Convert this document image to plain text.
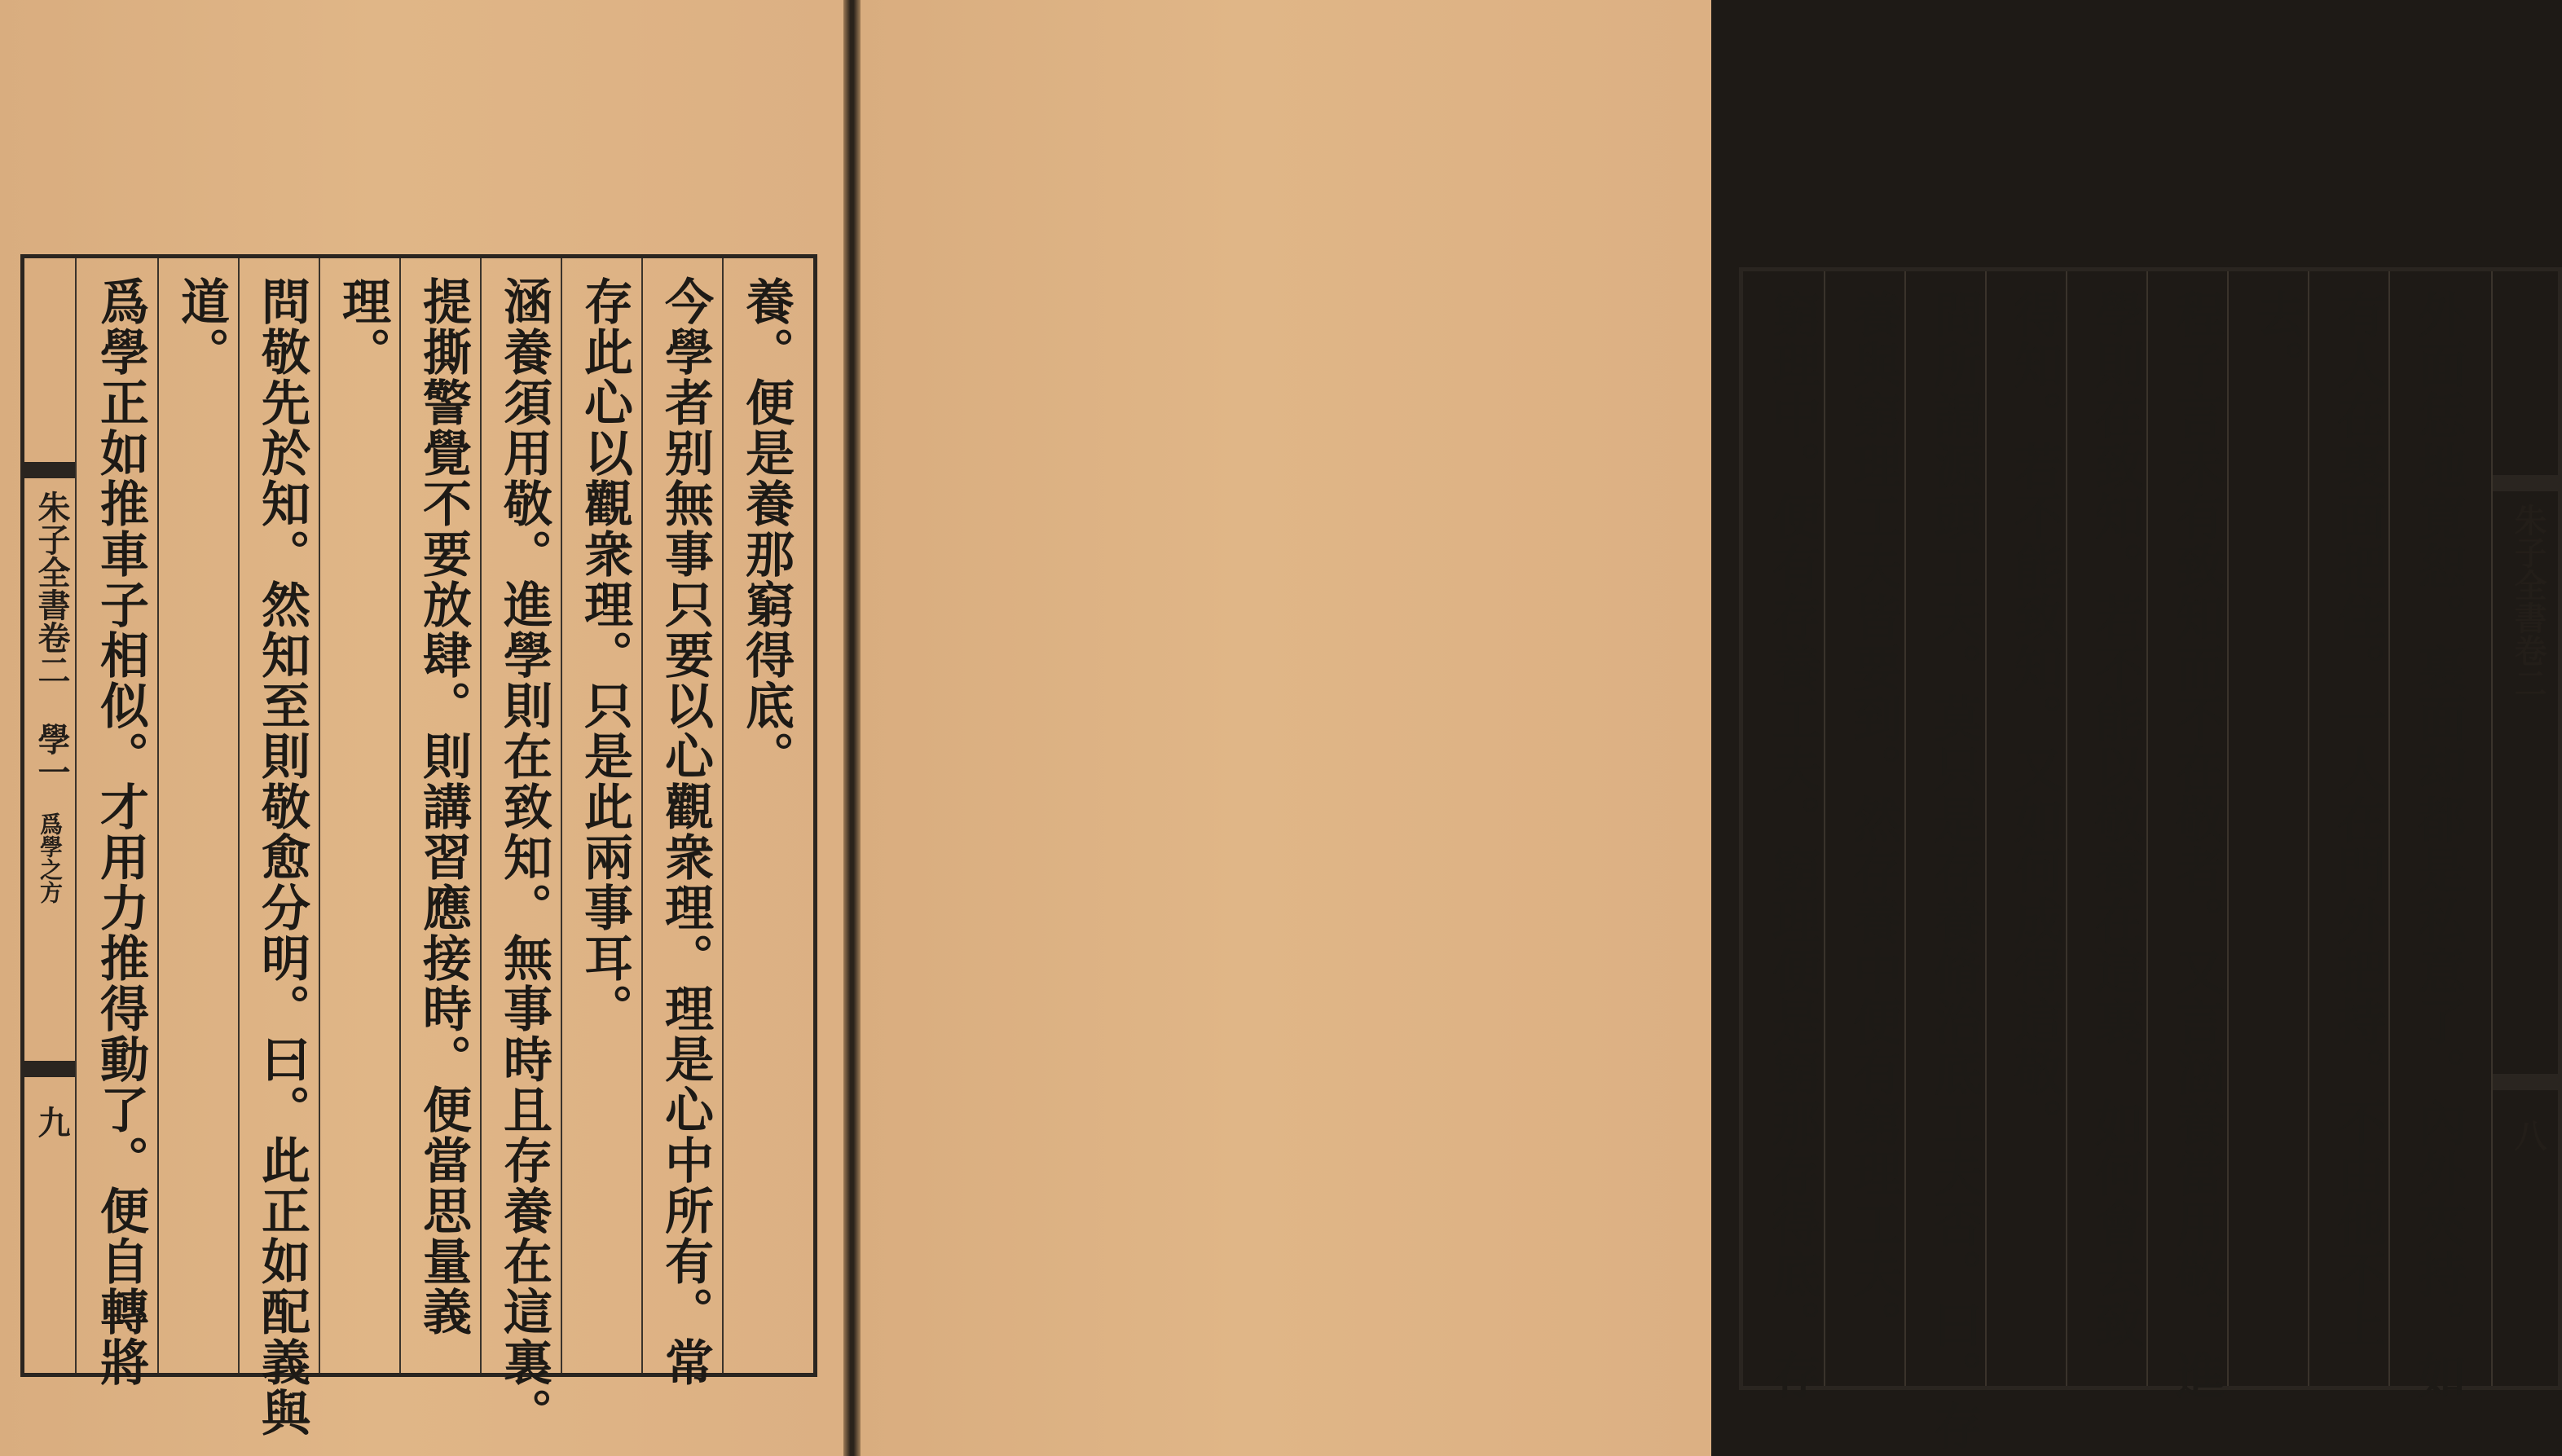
朱子全書卷二
學一
爲學之方
九
養。便是養那窮得底。
今學者别無事只要以心觀衆理。理是心中所有。常
存此心以觀衆理。只是此兩事耳。
涵養須用敬。進學則在致知。無事時且存養在這裏。
提撕警覺不要放肆。則講習應接時。便當思量義
理。
問敬先於知。然知至則敬愈分明。曰。此正如配義與
道。
爲學正如推車子相似。才用力推得動了。便自轉將	朱子全書卷二
八
外面恁地寛恕。裏面却都是私意了。內外夾持。如
有人在裏面把住。一人在門外把持。不由他不上
去。
程子言未有致知而不在敬者。又言涵養當用敬。進
學則在致知。若不能以敬養在這裏。如何會去致
得知。若不能致知。又如何成得這敬。
問所謂源頭工夫。莫只是存養脩治底工夫否。曰。存
養與窮理工夫皆要到。然存養中便有窮理工夫。
窮理中。便有存養工夫。窮理便是窮那存得底。存
